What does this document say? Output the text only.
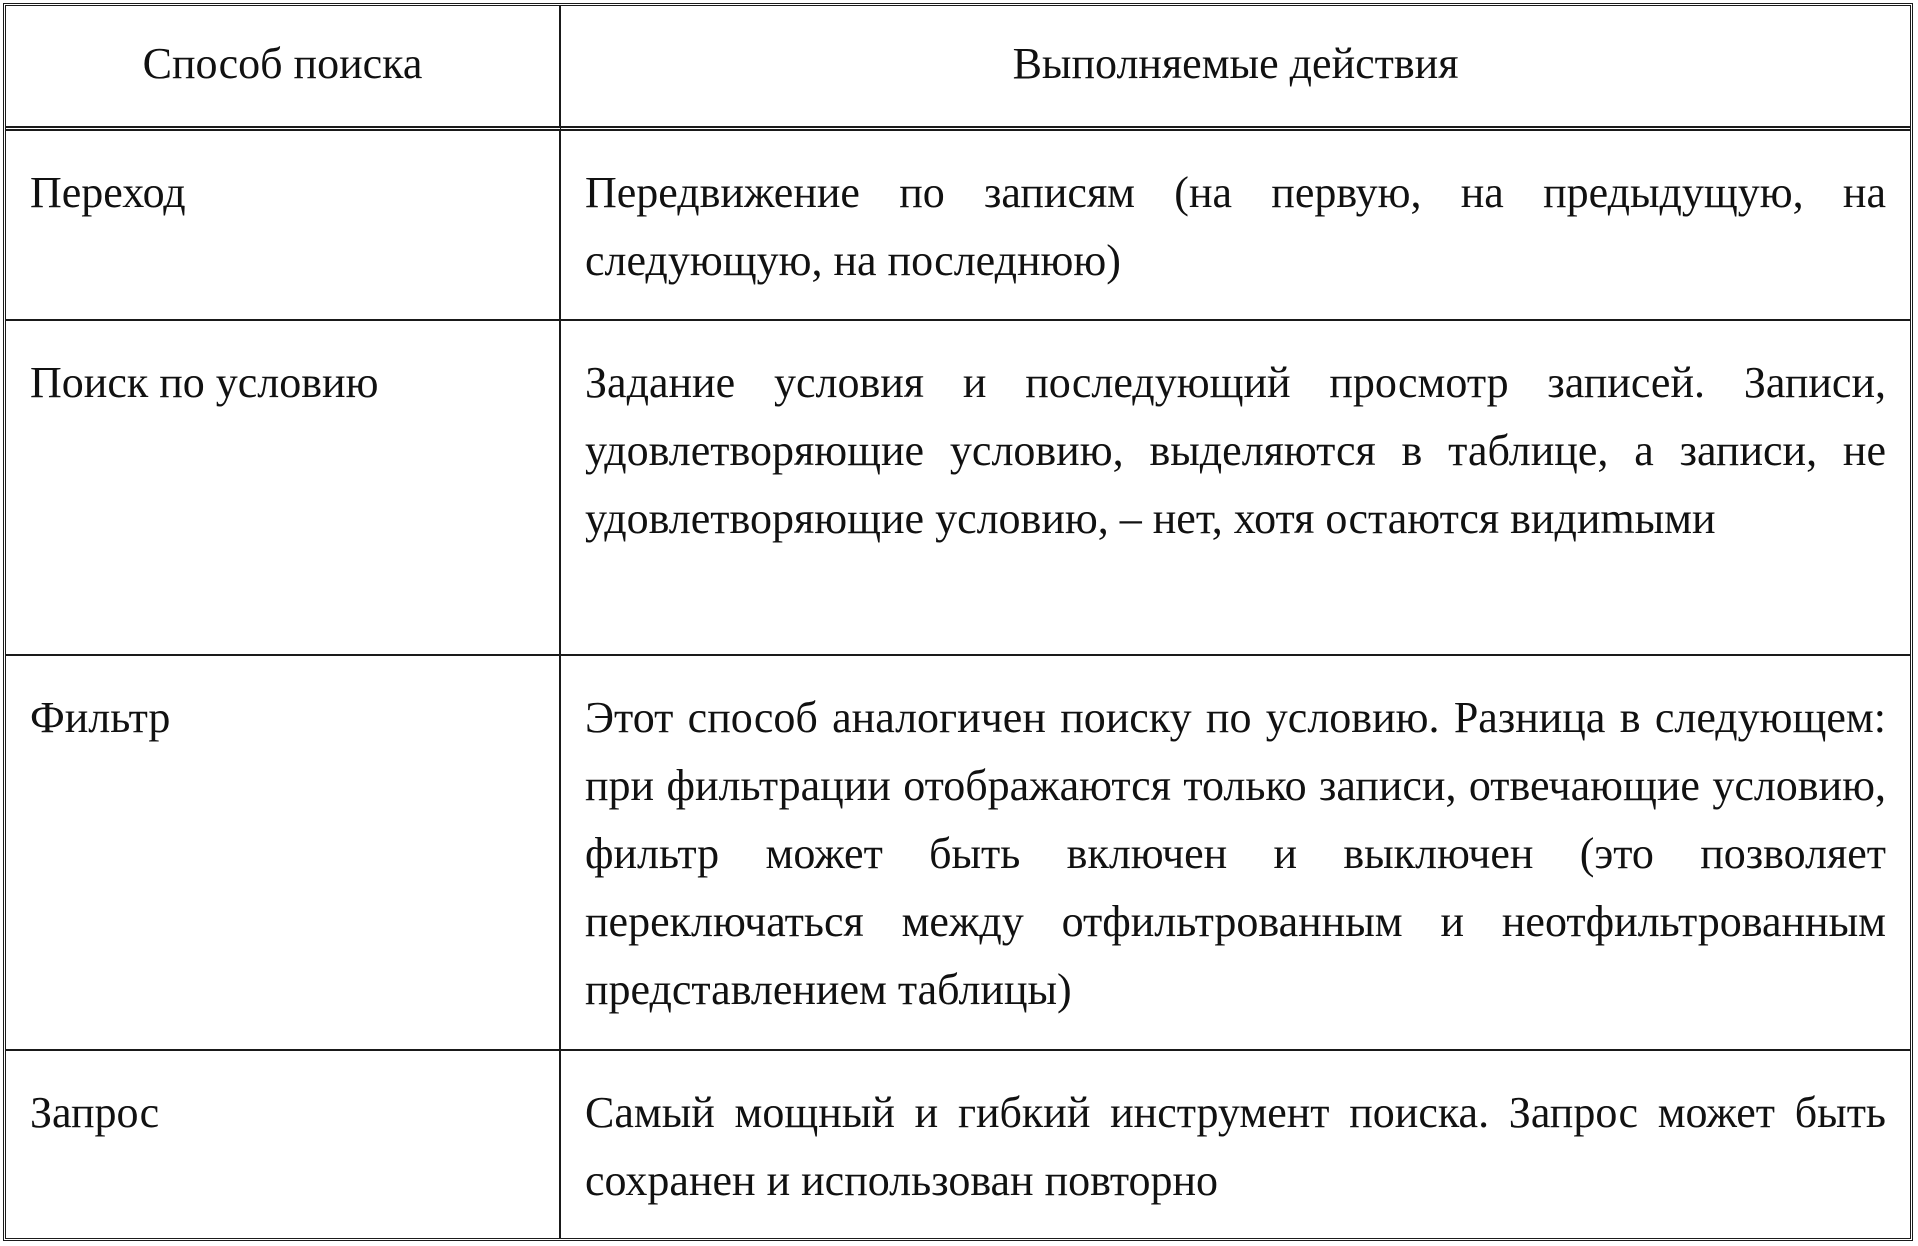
Способ поиска	Выполняемые действия
Переход	Передвижение по записям (на первую, на предыдущую, на следующую, на последнюю)
Поиск по условию	Задание условия и последующий просмотр записей. Записи, удовлетворяющие условию, выделяются в таблице, а записи, не удовлетворяющие условию, – нет, хотя остаются видиmыми
Фильтр	Этот способ аналогичен поиску по условию. Разница в следующем: при фильтрации отображаются только записи, отвечающие условию, фильтр может быть включен и выключен (это позволяет переключаться между отфильтрованным и неотфильтрованным представлением таблицы)
Запрос	Самый мощный и гибкий инструмент поиска. Запрос может быть сохранен и использован повторно
